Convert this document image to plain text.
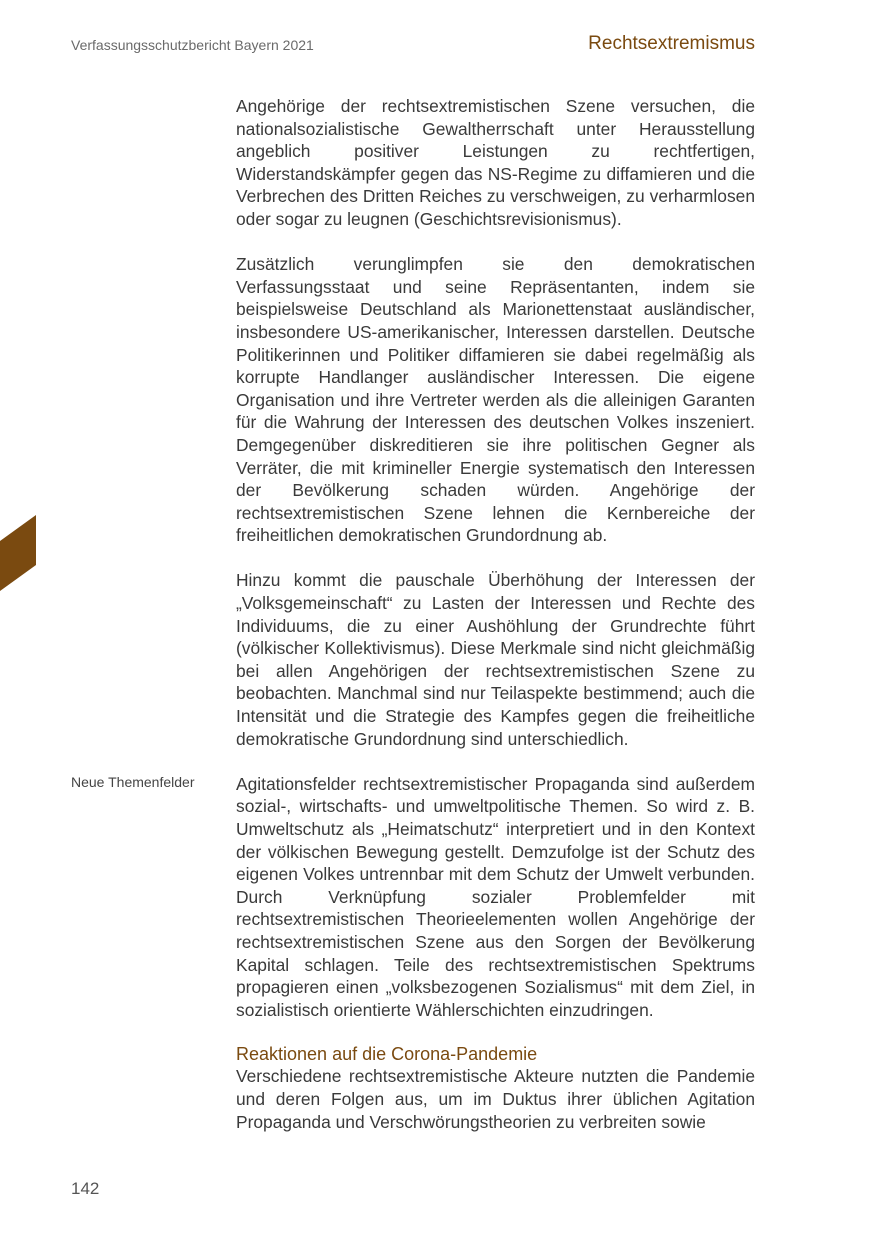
Verfassungsschutzbericht Bayern 2021	Rechtsextremismus
Neue Themenfelder

Angehörige der rechtsextremistischen Szene versuchen, die nationalsozialistische Gewaltherrschaft unter Herausstellung angeblich positiver Leistungen zu rechtfertigen, Widerstandskämpfer gegen das NS-Regime zu diffamieren und die Verbrechen des Dritten Reiches zu verschweigen, zu verharmlosen oder sogar zu leugnen (Geschichtsrevisionismus).

Zusätzlich verunglimpfen sie den demokratischen Verfassungsstaat und seine Repräsentanten, indem sie beispielsweise Deutschland als Marionettenstaat ausländischer, insbesondere US-amerikanischer, Interessen darstellen. Deutsche Politikerinnen und Politiker diffamieren sie dabei regelmäßig als korrupte Handlanger ausländischer Interessen. Die eigene Organisation und ihre Vertreter werden als die alleinigen Garanten für die Wahrung der Interessen des deutschen Volkes inszeniert. Demgegenüber diskreditieren sie ihre politischen Gegner als Verräter, die mit krimineller Energie systematisch den Interessen der Bevölkerung schaden würden. Angehörige der rechtsextremistischen Szene lehnen die Kernbereiche der freiheitlichen demokratischen Grundordnung ab.

Hinzu kommt die pauschale Überhöhung der Interessen der „Volksgemeinschaft“ zu Lasten der Interessen und Rechte des Individuums, die zu einer Aushöhlung der Grundrechte führt (völkischer Kollektivismus). Diese Merkmale sind nicht gleichmäßig bei allen Angehörigen der rechtsextremistischen Szene zu beobachten. Manchmal sind nur Teilaspekte bestimmend; auch die Intensität und die Strategie des Kampfes gegen die freiheitliche demokratische Grundordnung sind unterschiedlich.

Agitationsfelder rechtsextremistischer Propaganda sind außerdem sozial-, wirtschafts- und umweltpolitische Themen. So wird z. B. Umweltschutz als „Heimatschutz“ interpretiert und in den Kontext der völkischen Bewegung gestellt. Demzufolge ist der Schutz des eigenen Volkes untrennbar mit dem Schutz der Umwelt verbunden. Durch Verknüpfung sozialer Problemfelder mit rechtsextremistischen Theorieelementen wollen Angehörige der rechtsextremistischen Szene aus den Sorgen der Bevölkerung Kapital schlagen. Teile des rechtsextremistischen Spektrums propagieren einen „volksbezogenen Sozialismus“ mit dem Ziel, in sozialistisch orientierte Wählerschichten einzudringen.

Reaktionen auf die Corona-Pandemie

Verschiedene rechtsextremistische Akteure nutzten die Pandemie und deren Folgen aus, um im Duktus ihrer üblichen Agitation Propaganda und Verschwörungstheorien zu verbreiten sowie

142
